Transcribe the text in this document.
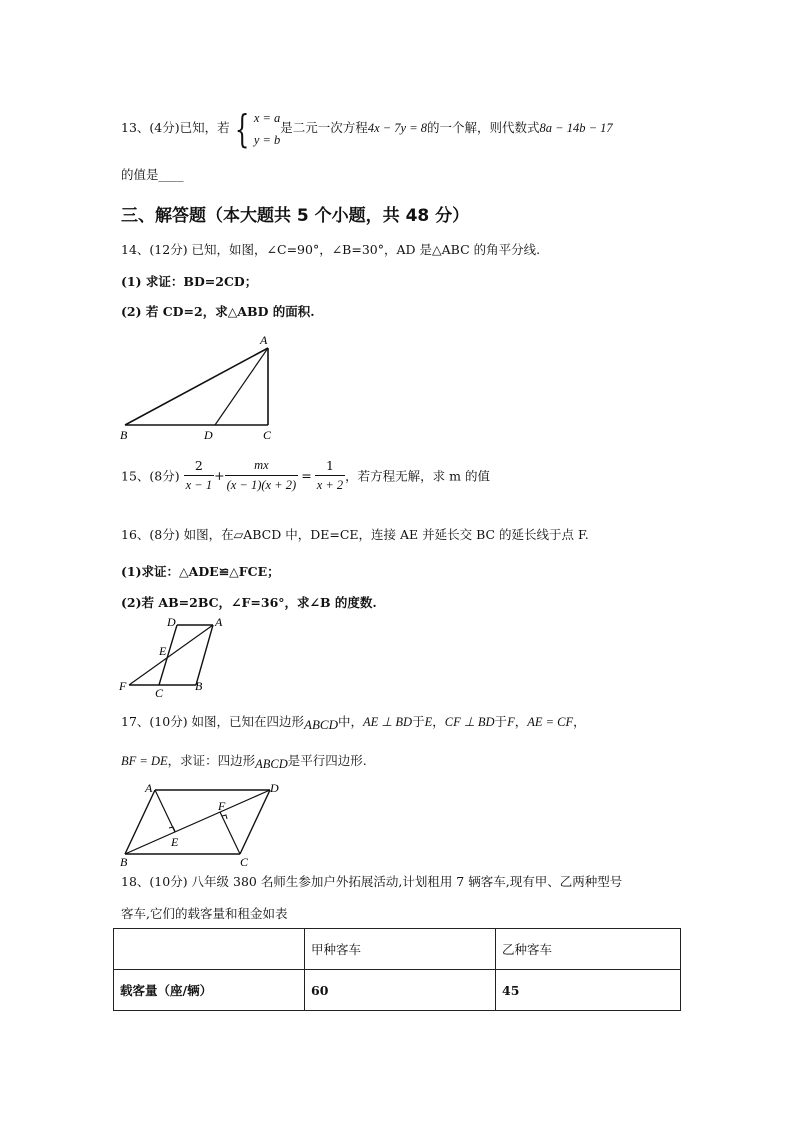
13、(4分)已知，若 { x = a
y = b
是二元一次方程4x − 7y = 8的一个解，则代数式8a − 14b − 17
的值是____
三、解答题（本大题共 5 个小题，共 48 分）
14、(12分) 已知，如图，∠C=90°，∠B=30°，AD 是△ABC 的角平分线.
(1) 求证：BD=2CD；
(2) 若 CD=2，求△ABD 的面积.
A
B	D	C
15、(8分) $\frac{2}{x - 1} + \frac{mx}{(x - 1)(x + 2)} = \frac{1}{x + 2}$ ，若方程无解，求 m 的值
16、(8分) 如图，在▱ABCD 中，DE=CE，连接 AE 并延长交 BC 的延长线于点 F.
(1)求证：△ADE≌△FCE；
(2)若 AB=2BC，∠F=36°，求∠B 的度数.
D	A
E
F C	B
17、(10分) 如图，已知在四边形ABCD中，AE ⊥ BD于E，CF ⊥ BD于F，AE = CF，
BF = DE，求证：四边形ABCD是平行四边形.
A	D
F
E
B	C
18、(10分) 八年级 380 名师生参加户外拓展活动,计划租用 7 辆客车,现有甲、乙两种型号
客车,它们的载客量和租金如表
	甲种客车	乙种客车
载客量（座/辆）	60	45
